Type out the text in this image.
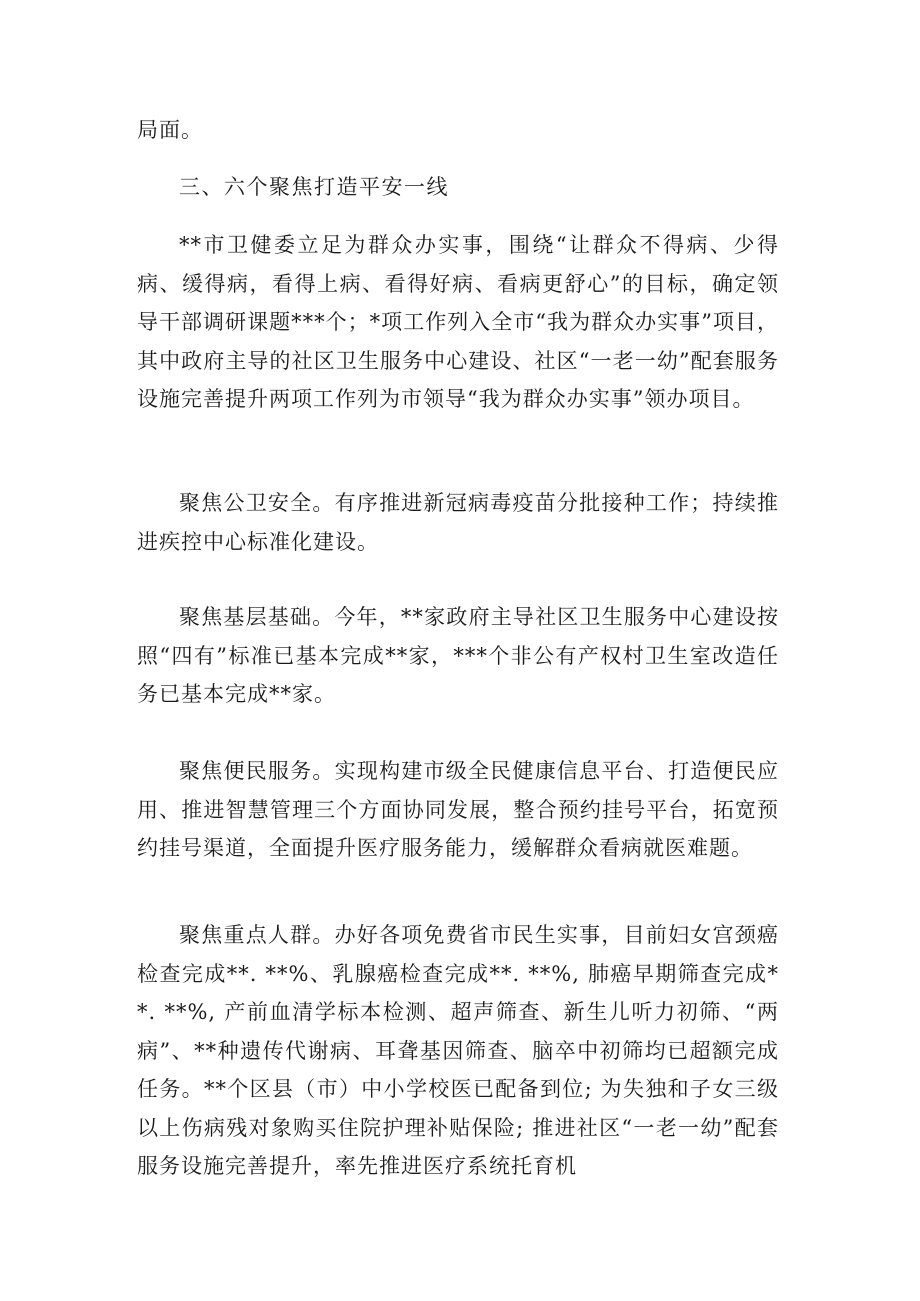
局面。

三、六个聚焦打造平安一线

**市卫健委立足为群众办实事，围绕“让群众不得病、少得病、缓得病，看得上病、看得好病、看病更舒心”的目标，确定领导干部调研课题***个；*项工作列入全市“我为群众办实事”项目，其中政府主导的社区卫生服务中心建设、社区“一老一幼”配套服务设施完善提升两项工作列为市领导“我为群众办实事”领办项目。

聚焦公卫安全。有序推进新冠病毒疫苗分批接种工作；持续推进疾控中心标准化建设。

聚焦基层基础。今年，**家政府主导社区卫生服务中心建设按照“四有”标准已基本完成**家，***个非公有产权村卫生室改造任务已基本完成**家。

聚焦便民服务。实现构建市级全民健康信息平台、打造便民应用、推进智慧管理三个方面协同发展，整合预约挂号平台，拓宽预约挂号渠道，全面提升医疗服务能力，缓解群众看病就医难题。

聚焦重点人群。办好各项免费省市民生实事，目前妇女宫颈癌检查完成**. **%、乳腺癌检查完成**. **%, 肺癌早期筛查完成**. **%, 产前血清学标本检测、超声筛查、新生儿听力初筛、“两病”、**种遗传代谢病、耳聋基因筛查、脑卒中初筛均已超额完成任务。**个区县（市）中小学校医已配备到位; 为失独和子女三级以上伤病残对象购买住院护理补贴保险; 推进社区“一老一幼”配套服务设施完善提升，率先推进医疗系统托育机
